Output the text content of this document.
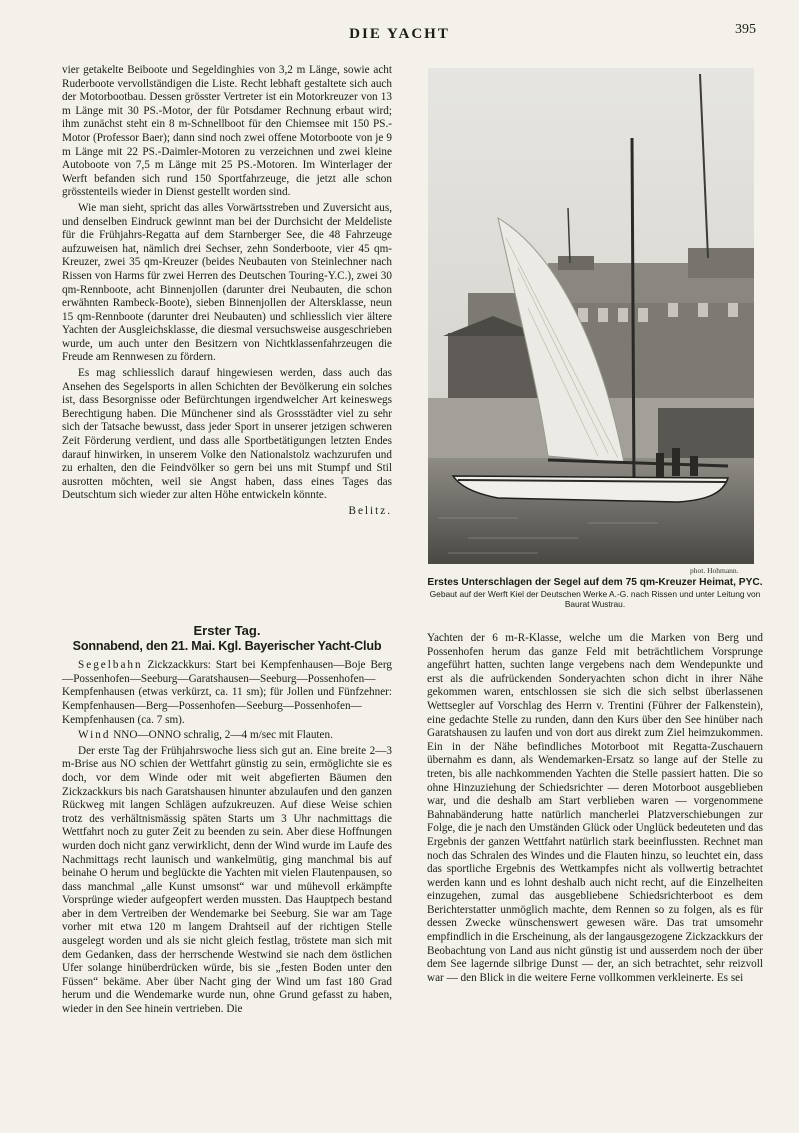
DIE YACHT	395

vier getakelte Beiboote und Segeldinghies von 3,2 m Länge, sowie acht Ruderboote vervollständigen die Liste. Recht lebhaft gestaltete sich auch der Motorbootbau. Dessen grösster Vertreter ist ein Motorkreuzer von 13 m Länge mit 30 PS.-Motor, der für Potsdamer Rechnung erbaut wird; ihm zunächst steht ein 8 m-Schnellboot für den Chiemsee mit 150 PS.-Motor (Professor Baer); dann sind noch zwei offene Motorboote von je 9 m Länge mit 22 PS.-Daimler-Motoren zu verzeichnen und zwei kleine Autoboote von 7,5 m Länge mit 25 PS.-Motoren. Im Winterlager der Werft befanden sich rund 150 Sportfahrzeuge, die jetzt alle schon grösstenteils wieder in Dienst gestellt worden sind.

Wie man sieht, spricht das alles Vorwärtsstreben und Zuversicht aus, und denselben Eindruck gewinnt man bei der Durchsicht der Meldeliste für die Frühjahrs-Regatta auf dem Starnberger See, die 48 Fahrzeuge aufzuweisen hat, nämlich drei Sechser, zehn Sonderboote, vier 45 qm-Kreuzer, zwei 35 qm-Kreuzer (beides Neubauten von Steinlechner nach Rissen von Harms für zwei Herren des Deutschen Touring-Y.C.), zwei 30 qm-Rennboote, acht Binnenjollen (darunter drei Neubauten, die schon erwähnten Rambeck-Boote), sieben Binnenjollen der Altersklasse, neun 15 qm-Rennboote (darunter drei Neubauten) und schliesslich vier ältere Yachten der Ausgleichsklasse, die diesmal versuchsweise ausgeschrieben wurde, um auch unter den Besitzern von Nichtklassenfahrzeugen die Freude am Rennwesen zu fördern.

Es mag schliesslich darauf hingewiesen werden, dass auch das Ansehen des Segelsports in allen Schichten der Bevölkerung ein solches ist, dass Besorgnisse oder Befürchtungen irgendwelcher Art keineswegs Berechtigung haben. Die Münchener sind als Grossstädter viel zu sehr sich der Tatsache bewusst, dass jeder Sport in unserer jetzigen schweren Zeit Förderung verdient, und dass alle Sportbetätigungen letzten Endes darauf hinwirken, in unserem Volke den Nationalstolz wachzurufen und zu erhalten, den die Feindvölker so gern bei uns mit Stumpf und Stil ausrotten möchten, weil sie Angst haben, dass eines Tages das Deutschtum sich wieder zur alten Höhe entwickeln könnte.

Belitz.
phot. Hohmann.
Erstes Unterschlagen der Segel auf dem 75 qm-Kreuzer Heimat, PYC.
Gebaut auf der Werft Kiel der Deutschen Werke A.-G. nach Rissen und unter Leitung von Baurat Wustrau.
Erster Tag.
Sonnabend, den 21. Mai. Kgl. Bayerischer Yacht-Club

Segelbahn Zickzackkurs: Start bei Kempfenhausen—Boje Berg—Possenhofen—Seeburg—Garatshausen—Seeburg—Possenhofen—Kempfenhausen (etwas verkürzt, ca. 11 sm); für Jollen und Fünfzehner: Kempfenhausen—Berg—Possenhofen—Seeburg—Possenhofen—Kempfenhausen (ca. 7 sm).

Wind NNO—ONNO schralig, 2—4 m/sec mit Flauten.

Der erste Tag der Frühjahrswoche liess sich gut an. Eine breite 2—3 m-Brise aus NO schien der Wettfahrt günstig zu sein, ermöglichte sie es doch, vor dem Winde oder mit weit abgefierten Bäumen den Zickzackkurs bis nach Garatshausen hinunter abzulaufen und den ganzen Rückweg mit langen Schlägen aufzukreuzen. Auf diese Weise schien trotz des verhältnismässig späten Starts um 3 Uhr nachmittags die Wettfahrt noch zu guter Zeit zu beenden zu sein. Aber diese Hoffnungen wurden doch nicht ganz verwirklicht, denn der Wind wurde im Laufe des Nachmittags recht launisch und wankelmütig, ging manchmal bis auf beinahe O herum und beglückte die Yachten mit vielen Flautenpausen, so dass manchmal „alle Kunst umsonst“ war und mühevoll erkämpfte Vorsprünge wieder aufgeopfert werden mussten. Das Hauptpech bestand aber in dem Vertreiben der Wendemarke bei Seeburg. Sie war am Tage vorher mit etwa 120 m langem Drahtseil auf der richtigen Stelle ausgelegt worden und als sie nicht gleich festlag, tröstete man sich mit dem Gedanken, dass der herrschende Westwind sie nach dem östlichen Ufer solange hinüberdrücken würde, bis sie „festen Boden unter den Füssen“ bekäme. Aber über Nacht ging der Wind um fast 180 Grad herum und die Wendemarke wurde nun, ohne Grund gefasst zu haben, wieder in den See hinein vertrieben. Die

Yachten der 6 m-R-Klasse, welche um die Marken von Berg und Possenhofen herum das ganze Feld mit beträchtlichem Vorsprunge angeführt hatten, suchten lange vergebens nach dem Wendepunkte und erst als die aufrückenden Sonderyachten schon dicht in ihrer Nähe gekommen waren, entschlossen sie sich die sich selbst überlassenen Wettsegler auf Vorschlag des Herrn v. Trentini (Führer der Falkenstein), eine gedachte Stelle zu runden, dann den Kurs über den See hinüber nach Garatshausen zu laufen und von dort aus direkt zum Ziel heimzukommen. Ein in der Nähe befindliches Motorboot mit Regatta-Zuschauern übernahm es dann, als Wendemarken-Ersatz so lange auf der Stelle zu treten, bis alle nachkommenden Yachten die Stelle passiert hatten. Die so ohne Hinzuziehung der Schiedsrichter — deren Motorboot ausgeblieben war, und die deshalb am Start verblieben waren — vorgenommene Bahnabänderung hatte natürlich mancherlei Platzverschiebungen zur Folge, die je nach den Umständen Glück oder Unglück bedeuteten und das Ergebnis der ganzen Wettfahrt natürlich stark beeinflussten. Rechnet man noch das Schralen des Windes und die Flauten hinzu, so leuchtet ein, dass das sportliche Ergebnis des Wettkampfes nicht als vollwertig betrachtet werden kann und es lohnt deshalb auch nicht recht, auf die Einzelheiten einzugehen, zumal das ausgebliebene Schiedsrichterboot es dem Berichterstatter unmöglich machte, dem Rennen so zu folgen, als es für dessen Zwecke wünschenswert gewesen wäre. Das trat umsomehr empfindlich in die Erscheinung, als der langausgezogene Zickzackkurs der Beobachtung von Land aus nicht günstig ist und ausserdem noch der über dem See lagernde silbrige Dunst — der, an sich betrachtet, sehr reizvoll war — den Blick in die weitere Ferne vollkommen verkleinerte. Es sei
